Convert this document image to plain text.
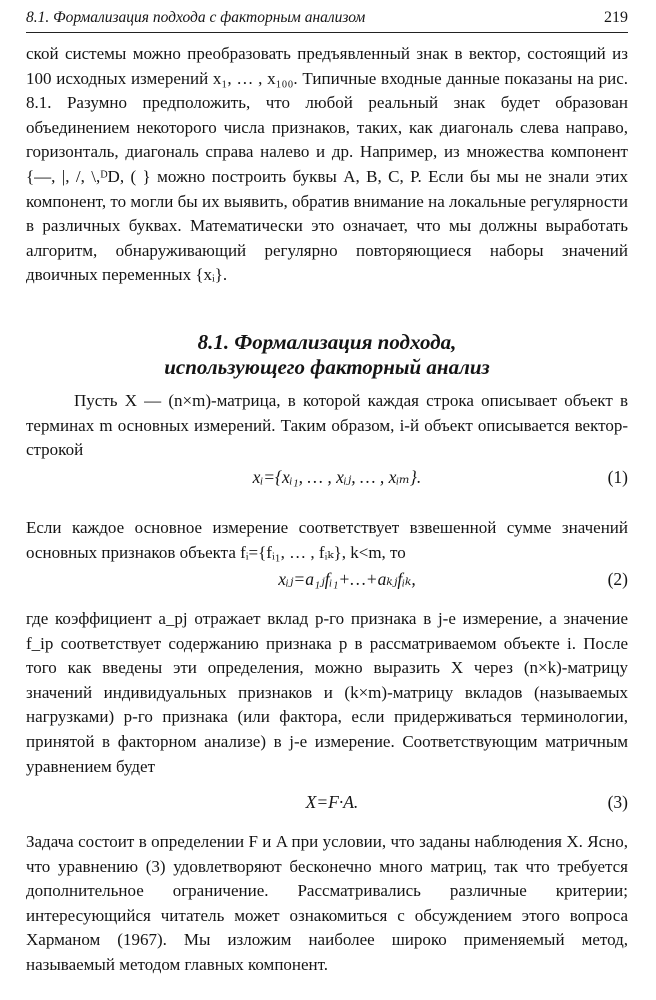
8.1. Формализация подхода с факторным анализом	219
ской системы можно преобразовать предъявленный знак в вектор, состоящий из 100 исходных измерений x₁, … , x₁₀₀. Типичные входные данные показаны на рис. 8.1. Разумно предположить, что любой реальный знак будет образован объединением некоторого числа признаков, таких, как диагональ слева направо, горизонталь, диагональ справа налево и др. Например, из множества компонент {—, |, /, \,ᴰD, ( } можно построить буквы А, В, С, Р. Если бы мы не знали этих компонент, то могли бы их выявить, обратив внимание на локальные регулярности в различных буквах. Математически это означает, что мы должны выработать алгоритм, обнаруживающий регулярно повторяющиеся наборы значений двоичных переменных {xᵢ}.
8.1. Формализация подхода,
использующего факторный анализ
Пусть X — (n×m)-матрица, в которой каждая строка описывает объект в терминах m основных измерений. Таким образом, i-й объект описывается вектор-строкой
xᵢ={xᵢ₁, … , xᵢⱼ, … , xᵢₘ}.	(1)
Если каждое основное измерение соответствует взвешенной сумме значений основных признаков объекта fᵢ={fᵢ₁, … , fᵢₖ}, k<m, то
xᵢⱼ=a₁ⱼfᵢ₁+…+aₖⱼfᵢₖ,	(2)
где коэффициент a_pj отражает вклад p-го признака в j-е измерение, а значение f_ip соответствует содержанию признака p в рассматриваемом объекте i. После того как введены эти определения, можно выразить X через (n×k)-матрицу значений индивидуальных признаков и (k×m)-матрицу вкладов (называемых нагрузками) p-го признака (или фактора, если придерживаться терминологии, принятой в факторном анализе) в j-е измерение. Соответствующим матричным уравнением будет
X=F·A.	(3)
Задача состоит в определении F и A при условии, что заданы наблюдения X. Ясно, что уравнению (3) удовлетворяют бесконечно много матриц, так что требуется дополнительное ограничение. Рассматривались различные критерии; интересующийся читатель может ознакомиться с обсуждением этого вопроса Харманом (1967). Мы изложим наиболее широко применяемый метод, называемый методом главных компонент.
